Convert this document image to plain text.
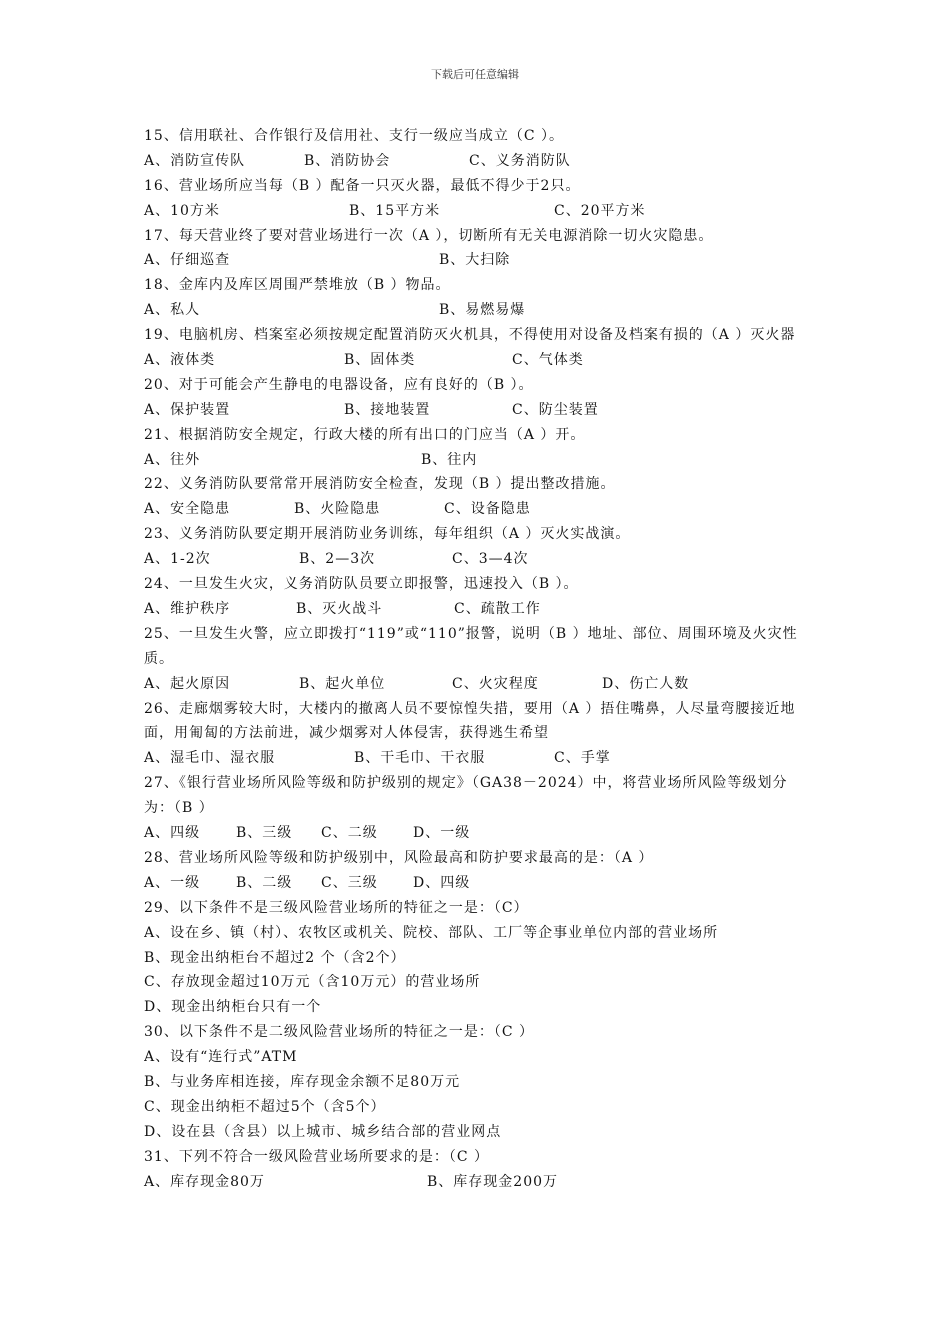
下载后可任意编辑
15、信用联社、合作银行及信用社、支行一级应当成立（C ）。
A、消防宣传队	B、消防协会	C、义务消防队
16、营业场所应当每（B ）配备一只灭火器，最低不得少于2只。
A、10方米	B、15平方米	C、20平方米
17、每天营业终了要对营业场进行一次（A ），切断所有无关电源消除一切火灾隐患。
A、仔细巡查	B、大扫除
18、金库内及库区周围严禁堆放（B ）物品。
A、私人	B、易燃易爆
19、电脑机房、档案室必须按规定配置消防灭火机具，不得使用对设备及档案有损的（A ）灭火器
A、液体类	B、固体类	C、气体类
20、对于可能会产生静电的电器设备，应有良好的（B ）。
A、保护装置	B、接地装置	C、防尘装置
21、根据消防安全规定，行政大楼的所有出口的门应当（A ）开。
A、往外	B、往内
22、义务消防队要常常开展消防安全检查，发现（B ）提出整改措施。
A、安全隐患	B、火险隐患	C、设备隐患
23、义务消防队要定期开展消防业务训练，每年组织（A ）灭火实战演。
A、1-2次	B、2—3次	C、3—4次
24、一旦发生火灾，义务消防队员要立即报警，迅速投入（B ）。
A、维护秩序	B、灭火战斗	C、疏散工作
25、一旦发生火警，应立即拨打“119”或“110”报警，说明（B ）地址、部位、周围环境及火灾性质。
A、起火原因	B、起火单位	C、火灾程度	D、伤亡人数
26、走廊烟雾较大时，大楼内的撤离人员不要惊惶失措，要用（A ）捂住嘴鼻，人尽量弯腰接近地面，用匍匐的方法前进，减少烟雾对人体侵害，获得逃生希望
A、湿毛巾、湿衣服	B、干毛巾、干衣服	C、手掌
27、《银行营业场所风险等级和防护级别的规定》（GA38－2024）中，将营业场所风险等级划分为：（B ）
A、四级	B、三级	C、二级	D、一级
28、营业场所风险等级和防护级别中，风险最高和防护要求最高的是：（A ）
A、一级	B、二级	C、三级	D、四级
29、以下条件不是三级风险营业场所的特征之一是：（C）
A、设在乡、镇（村）、农牧区或机关、院校、部队、工厂等企事业单位内部的营业场所
B、现金出纳柜台不超过2 个（含2个）
C、存放现金超过10万元（含10万元）的营业场所
D、现金出纳柜台只有一个
30、以下条件不是二级风险营业场所的特征之一是：（C ）
A、设有“连行式”ATM
B、与业务库相连接，库存现金余额不足80万元
C、现金出纳柜不超过5个（含5个）
D、设在县（含县）以上城市、城乡结合部的营业网点
31、下列不符合一级风险营业场所要求的是：（C ）
A、库存现金80万	B、库存现金200万
